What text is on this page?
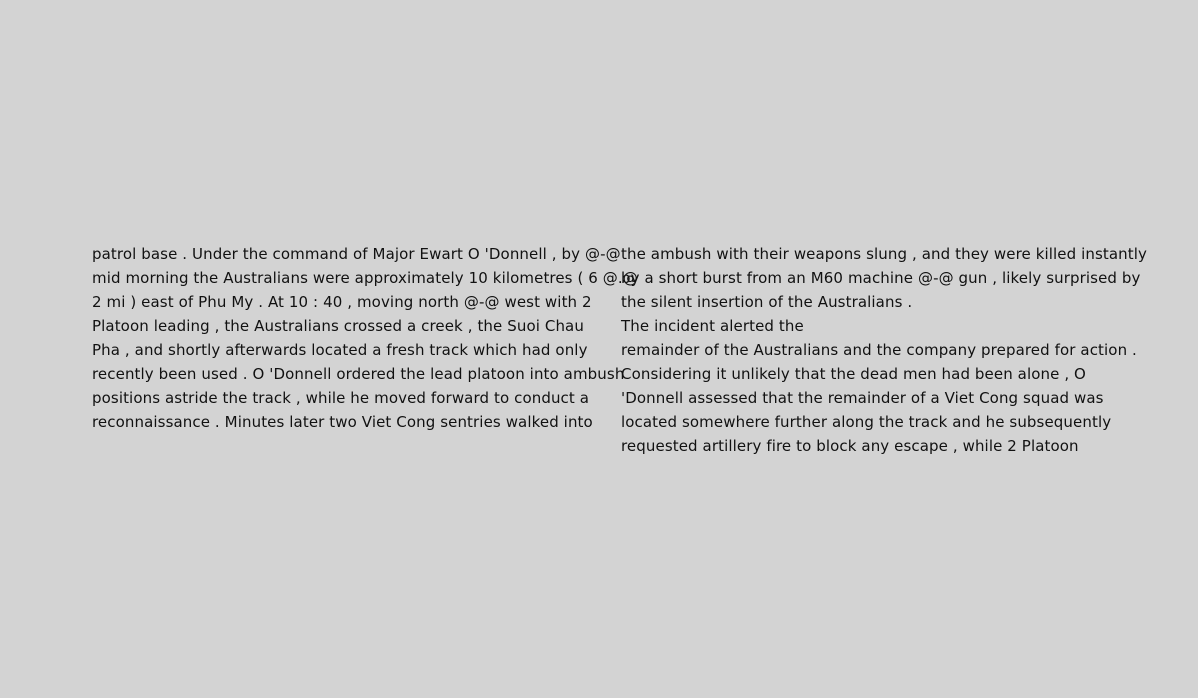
patrol base . Under the command of Major Ewart O 'Donnell , by @-@
mid morning the Australians were approximately 10 kilometres ( 6 @.@
2 mi ) east of Phu My . At 10 : 40 , moving north @-@ west with 2
Platoon leading , the Australians crossed a creek , the Suoi Chau
Pha , and shortly afterwards located a fresh track which had only
recently been used . O 'Donnell ordered the lead platoon into ambush
positions astride the track , while he moved forward to conduct a
reconnaissance . Minutes later two Viet Cong sentries walked into
the ambush with their weapons slung , and they were killed instantly
by a short burst from an M60 machine @-@ gun , likely surprised by
the silent insertion of the Australians .
The incident alerted the
remainder of the Australians and the company prepared for action .
Considering it unlikely that the dead men had been alone , O
'Donnell assessed that the remainder of a Viet Cong squad was
located somewhere further along the track and he subsequently
requested artillery fire to block any escape , while 2 Platoon
